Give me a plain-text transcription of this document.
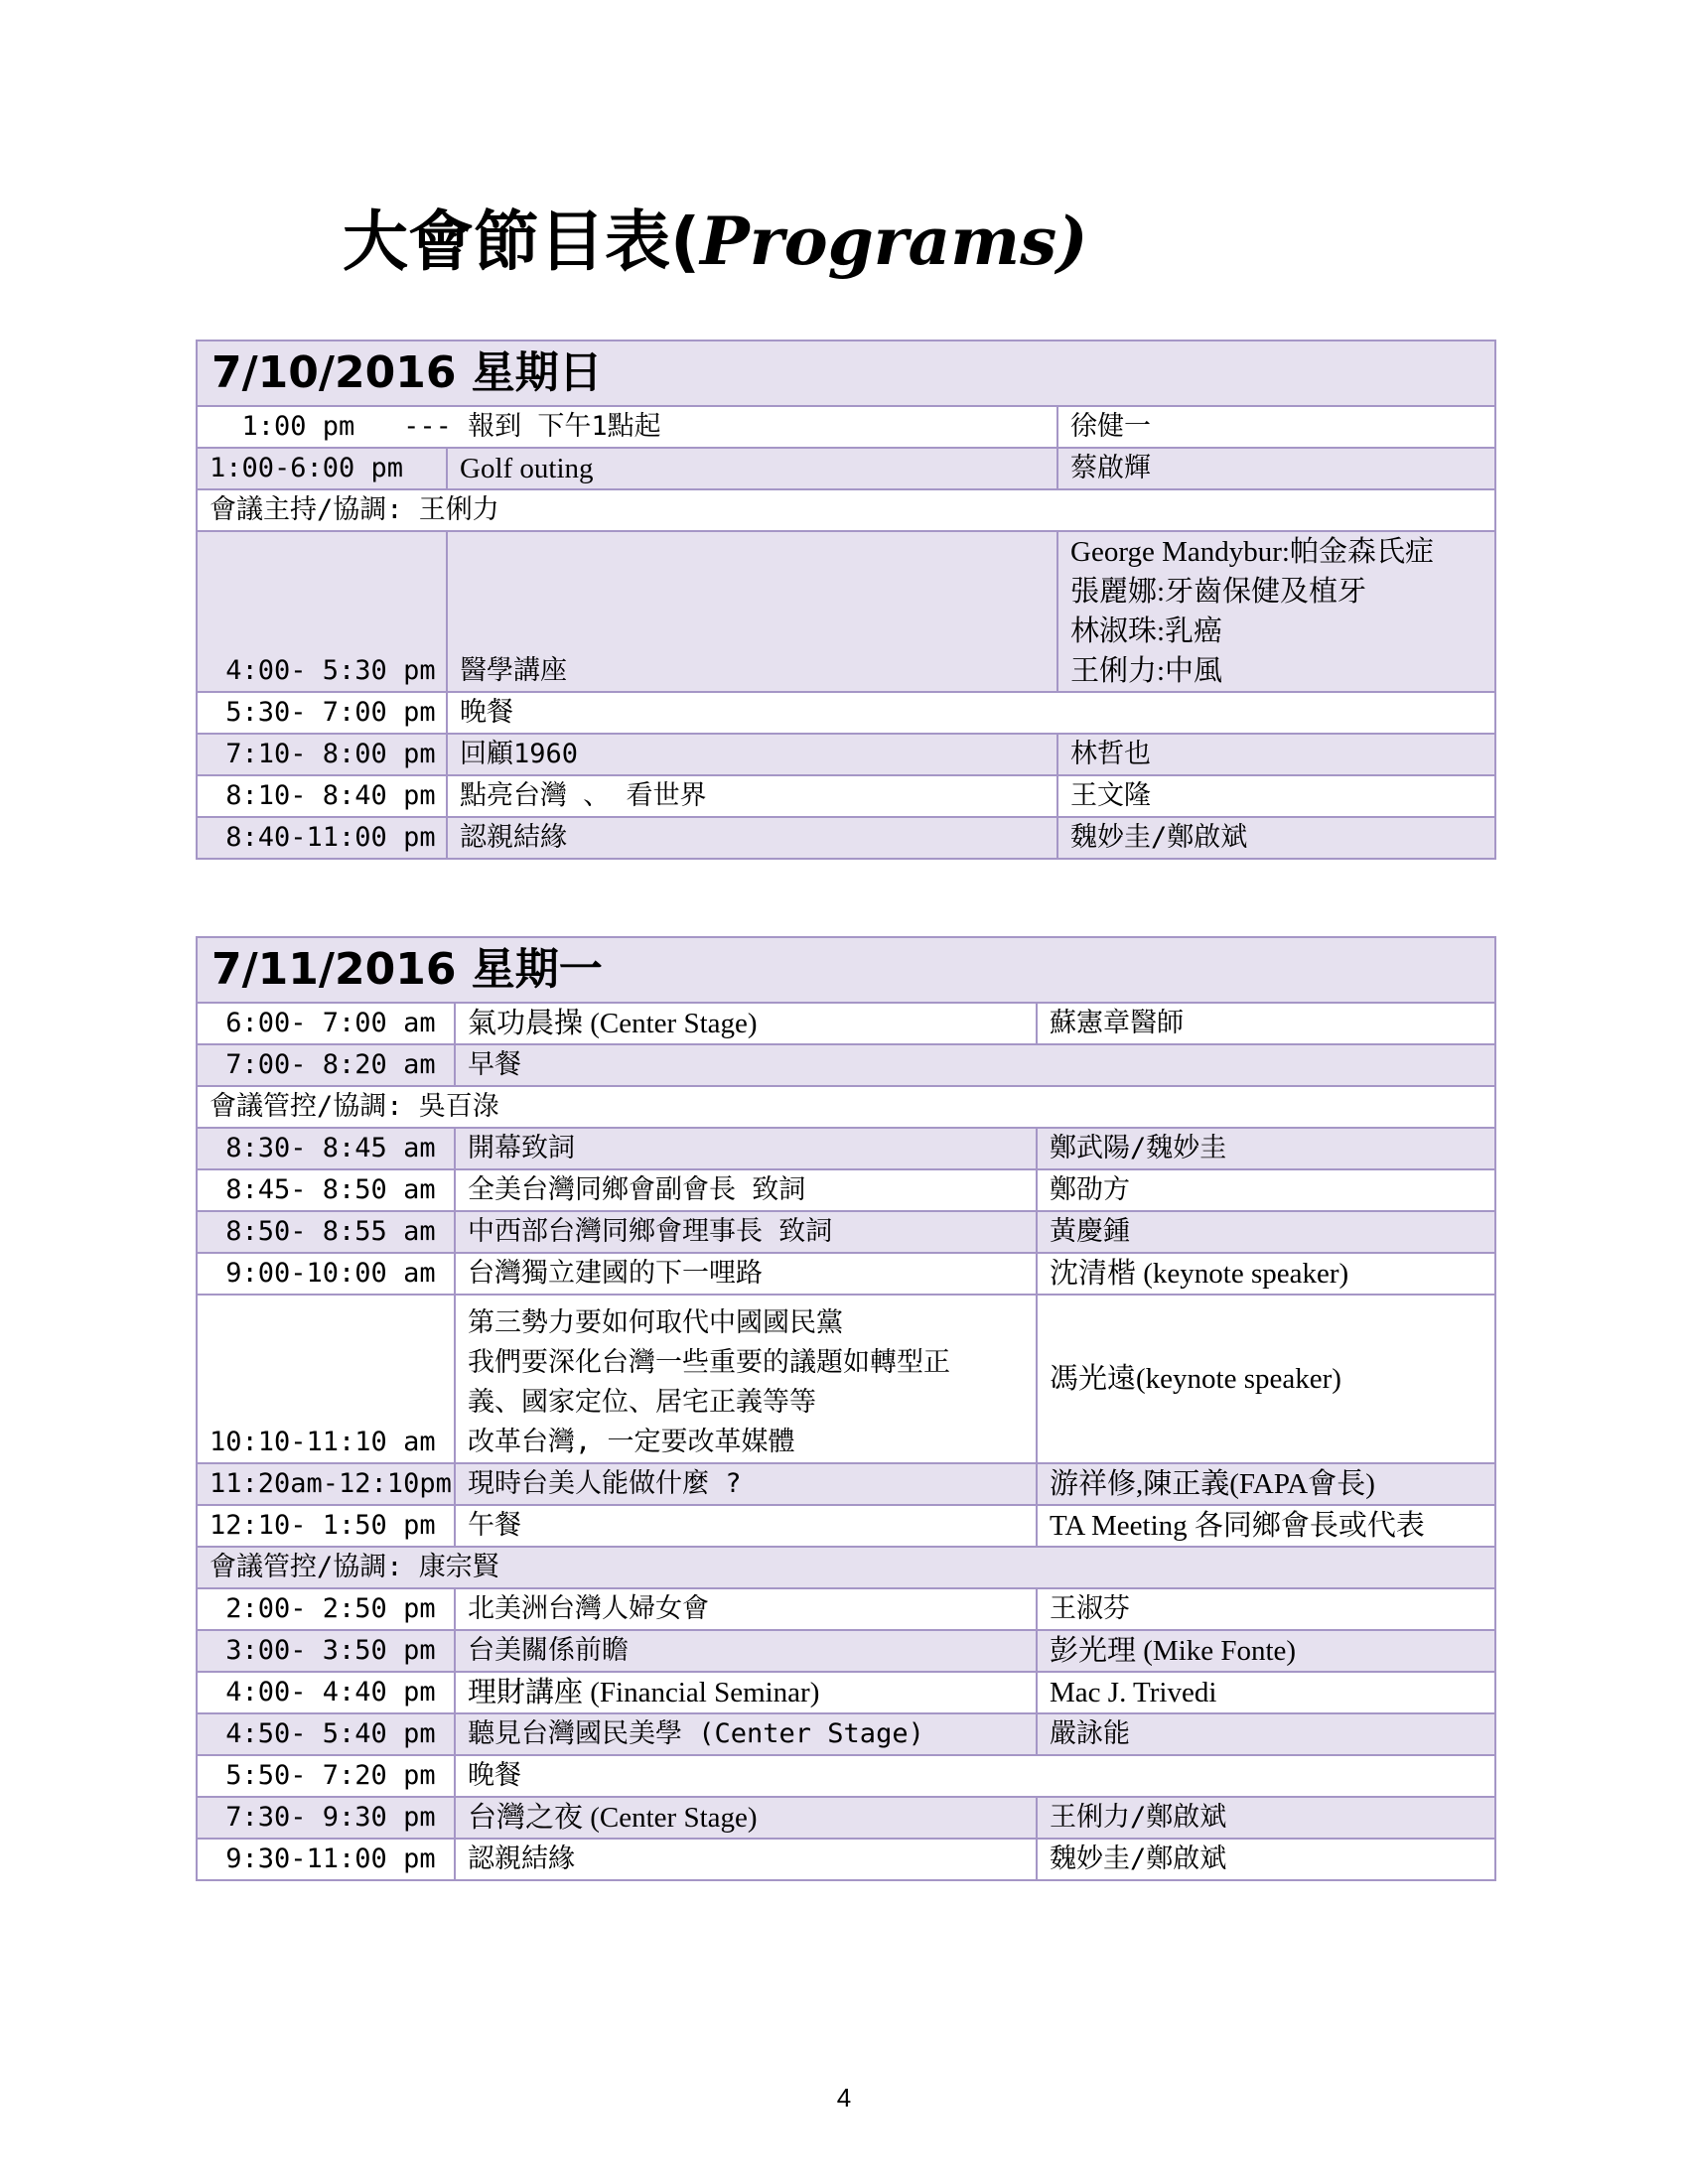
大會節目表(Programs)
7/10/2016 星期日		
1:00 pm   --- 報到 下午1點起		徐健一
1:00-6:00 pm	Golf outing	蔡啟輝
會議主持/協調: 王俐力		
4:00- 5:30 pm	醫學講座	George Mandybur:帕金森氏症
張麗娜:牙齒保健及植牙
林淑珠:乳癌
王俐力:中風

5:30- 7:00 pm	晚餐	
7:10- 8:00 pm	回顧1960	林哲也
8:10- 8:40 pm	點亮台灣 、 看世界	王文隆
8:40-11:00 pm	認親結緣	魏妙圭/鄭啟斌
7/11/2016 星期一		
6:00- 7:00 am	氣功晨操 (Center Stage)	蘇憲章醫師
7:00- 8:20 am	早餐	
會議管控/協調: 吳百淥		
8:30- 8:45 am	開幕致詞	鄭武陽/魏妙圭
8:45- 8:50 am	全美台灣同鄉會副會長 致詞	鄭劭方
8:50- 8:55 am	中西部台灣同鄉會理事長 致詞	黃慶鍾
9:00-10:00 am	台灣獨立建國的下一哩路	沈清楷 (keynote speaker)
10:10-11:10 am	第三勢力要如何取代中國國民黨
我們要深化台灣一些重要的議題如轉型正
義、國家定位、居宅正義等等
改革台灣, 一定要改革媒體	馮光遠(keynote speaker)
11:20am-12:10pm	現時台美人能做什麼 ?	游祥修,陳正義(FAPA會長)
12:10- 1:50 pm	午餐	TA Meeting 各同鄉會長或代表
會議管控/協調: 康宗賢		
2:00- 2:50 pm	北美洲台灣人婦女會	王淑芬
3:00- 3:50 pm	台美關係前瞻	彭光理 (Mike Fonte)
4:00- 4:40 pm	理財講座 (Financial Seminar)	Mac J. Trivedi
4:50- 5:40 pm	聽見台灣國民美學 (Center Stage)	嚴詠能
5:50- 7:20 pm	晚餐	
7:30- 9:30 pm	台灣之夜 (Center Stage)	王俐力/鄭啟斌
9:30-11:00 pm	認親結緣	魏妙圭/鄭啟斌
4
